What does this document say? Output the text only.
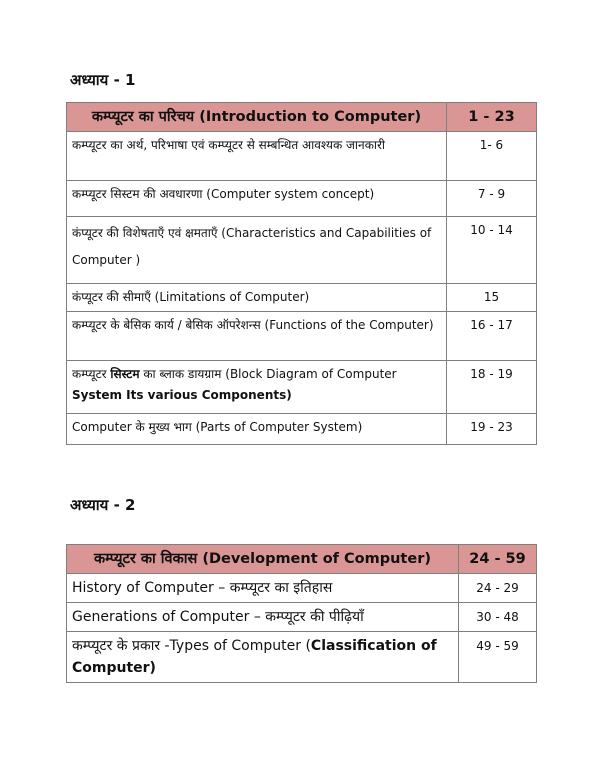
अध्याय - 1
कम्प्यूटर का परिचय (Introduction to Computer)	1 - 23
कम्प्यूटर का अर्थ, परिभाषा एवं कम्प्यूटर से सम्बन्धित आवश्यक जानकारी	1- 6
कम्प्यूटर सिस्टम की अवधारणा (Computer system concept)	7 - 9
कंप्यूटर की विशेषताएँ एवं क्षमताएँ (Characteristics and Capabilities of Computer )	10 - 14
कंप्यूटर की सीमाएँ (Limitations of Computer)	15
कम्प्यूटर के बेसिक कार्य / बेसिक ऑपरेशन्स (Functions of the Computer)	16 - 17
कम्प्यूटर सिस्टम का ब्लाक डायग्राम (Block Diagram of Computer System Its various Components)	18 - 19
Computer के मुख्य भाग (Parts of Computer System)	19 - 23
अध्याय - 2
कम्प्यूटर का विकास (Development of Computer)	24 - 59
History of Computer – कम्प्यूटर का इतिहास	24 - 29
Generations of Computer – कम्प्यूटर की पीढ़ियाँ	30 - 48
कम्प्यूटर के प्रकार -Types of Computer (Classification of Computer)	49 - 59
